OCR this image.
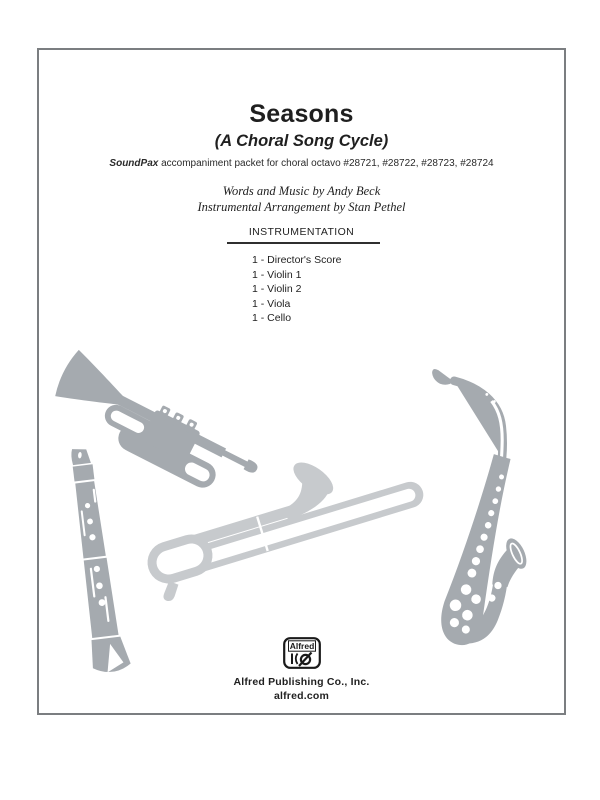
Seasons
(A Choral Song Cycle)
SoundPax accompaniment packet for choral octavo #28721, #28722, #28723, #28724
Words and Music by Andy Beck
Instrumental Arrangement by Stan Pethel
INSTRUMENTATION
1 - Director's Score
1 - Violin 1
1 - Violin 2
1 - Viola
1 - Cello
Alfred
Alfred Publishing Co., Inc.
alfred.com
